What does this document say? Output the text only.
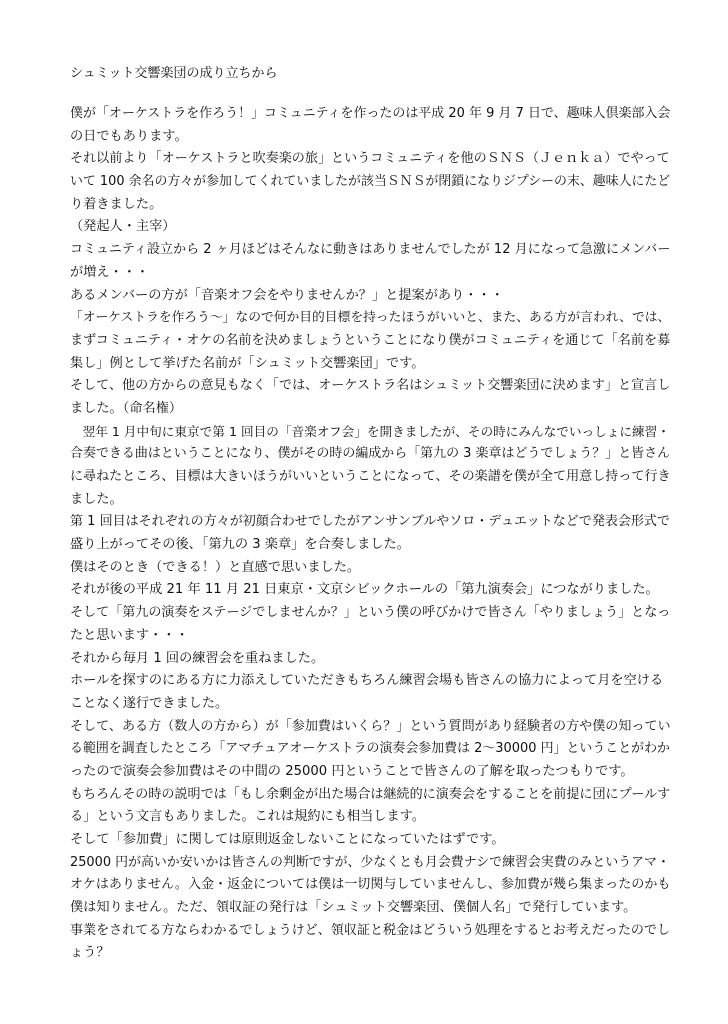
シュミット交響楽団の成り立ちから
僕が「オーケストラを作ろう！」コミュニティを作ったのは平成 20 年 9 月 7 日で、趣味人倶楽部入会
の日でもあります。
それ以前より「オーケストラと吹奏楽の旅」というコミュニティを他のＳＮＳ（Ｊｅｎｋａ）でやって
いて 100 余名の方々が参加してくれていましたが該当ＳＮＳが閉鎖になりジプシーの末、趣味人にたど
り着きました。
（発起人・主宰）
コミュニティ設立から 2 ヶ月ほどはそんなに動きはありませんでしたが 12 月になって急激にメンバー
が増え・・・
あるメンバーの方が「音楽オフ会をやりませんか？」と提案があり・・・
「オーケストラを作ろう～」なので何か目的目標を持ったほうがいいと、また、ある方が言われ、では、
まずコミュニティ・オケの名前を決めましょうということになり僕がコミュニティを通じて「名前を募
集し」例として挙げた名前が「シュミット交響楽団」です。
そして、他の方からの意見もなく「では、オーケストラ名はシュミット交響楽団に決めます」と宣言し
ました。（命名権）
　翌年 1 月中旬に東京で第 1 回目の「音楽オフ会」を開きましたが、その時にみんなでいっしょに練習・
合奏できる曲はということになり、僕がその時の編成から「第九の 3 楽章はどうでしょう？」と皆さん
に尋ねたところ、目標は大きいほうがいいということになって、その楽譜を僕が全て用意し持って行き
ました。
第 1 回目はそれぞれの方々が初顔合わせでしたがアンサンブルやソロ・デュエットなどで発表会形式で
盛り上がってその後、「第九の 3 楽章」を合奏しました。
僕はそのとき（できる！）と直感で思いました。
それが後の平成 21 年 11 月 21 日東京・文京シビックホールの「第九演奏会」につながりました。
そして「第九の演奏をステージでしませんか？」という僕の呼びかけで皆さん「やりましょう」となっ
たと思います・・・
それから毎月 1 回の練習会を重ねました。
ホールを探すのにある方に力添えしていただきもちろん練習会場も皆さんの協力によって月を空ける
ことなく遂行できました。
そして、ある方（数人の方から）が「参加費はいくら？」という質問があり経験者の方や僕の知ってい
る範囲を調査したところ「アマチュアオーケストラの演奏会参加費は 2～30000 円」ということがわか
ったので演奏会参加費はその中間の 25000 円ということで皆さんの了解を取ったつもりです。
もちろんその時の説明では「もし余剰金が出た場合は継続的に演奏会をすることを前提に団にプールす
る」という文言もありました。これは規約にも相当します。
そして「参加費」に関しては原則返金しないことになっていたはずです。
25000 円が高いか安いかは皆さんの判断ですが、少なくとも月会費ナシで練習会実費のみというアマ・
オケはありません。入金・返金については僕は一切関与していませんし、参加費が幾ら集まったのかも
僕は知りません。ただ、領収証の発行は「シュミット交響楽団、僕個人名」で発行しています。
事業をされてる方ならわかるでしょうけど、領収証と税金はどういう処理をするとお考えだったのでし
ょう？
